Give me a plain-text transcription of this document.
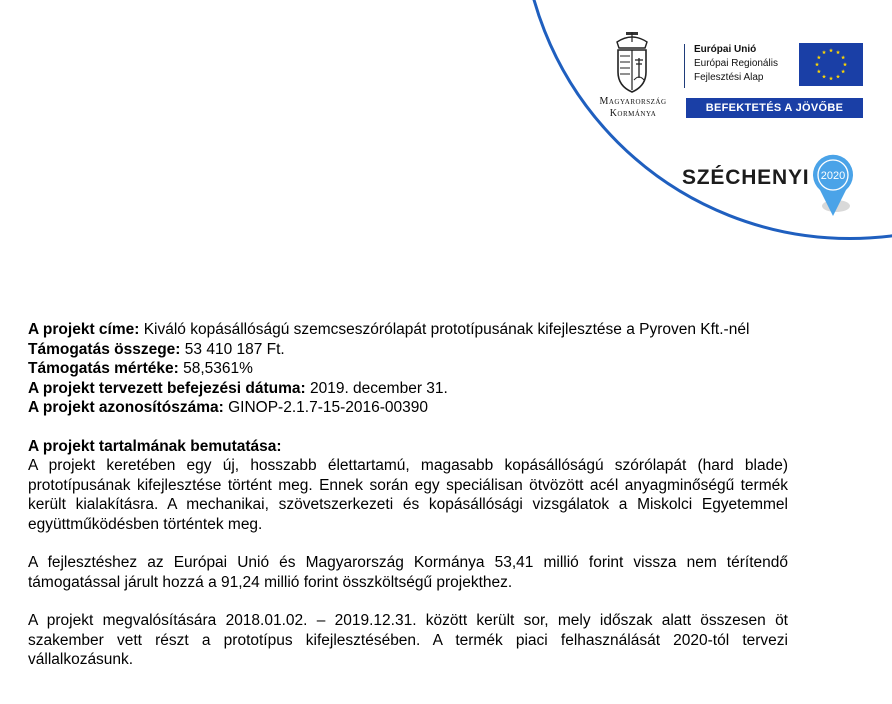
Magyarország
Kormánya
Európai Unió
Európai Regionális
Fejlesztési Alap
BEFEKTETÉS A JÖVŐBE
SZÉCHENYI 2020

A projekt címe: Kiváló kopásállóságú szemcseszórólapát prototípusának kifejlesztése a Pyroven Kft.-nél

Támogatás összege: 53 410 187 Ft.

Támogatás mértéke: 58,5361%

A projekt tervezett befejezési dátuma: 2019. december 31.

A projekt azonosítószáma: GINOP-2.1.7-15-2016-00390

A projekt tartalmának bemutatása:

A projekt keretében egy új, hosszabb élettartamú, magasabb kopásállóságú szórólapát (hard blade) prototípusának kifejlesztése történt meg. Ennek során egy speciálisan ötvözött acél anyagminőségű termék került kialakításra. A mechanikai, szövetszerkezeti és kopásállósági vizsgálatok a Miskolci Egyetemmel együttműködésben történtek meg.

A fejlesztéshez az Európai Unió és Magyarország Kormánya 53,41 millió forint vissza nem térítendő támogatással járult hozzá a 91,24 millió forint összköltségű projekthez.

A projekt megvalósítására 2018.01.02. – 2019.12.31. között került sor, mely időszak alatt összesen öt szakember vett részt a prototípus kifejlesztésében. A termék piaci felhasználását 2020-tól tervezi vállalkozásunk.
